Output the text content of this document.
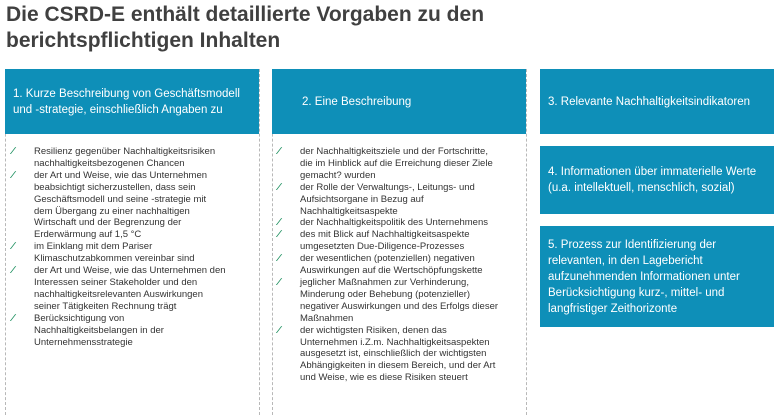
Die CSRD-E enthält detaillierte Vorgaben zu den
berichtspflichtigen Inhalten
1. Kurze Beschreibung von Geschäftsmodell und -strategie, einschließlich Angaben zu
2. Eine Beschreibung	3. Relevante Nachhaltigkeitsindikatoren
4. Informationen über immaterielle Werte (u.a. intellektuell, menschlich, sozial)
5. Prozess zur Identifizierung der relevanten, in den Lagebericht aufzunehmenden Informationen unter Berücksichtigung kurz-, mittel- und langfristiger Zeithorizonte
∕ Resilienz gegenüber Nachhaltigkeitsrisiken
nachhaltigkeitsbezogenen Chancen
∕ der Art und Weise, wie das Unternehmen
beabsichtigt sicherzustellen, dass sein
Geschäftsmodell und seine -strategie mit
dem Übergang zu einer nachhaltigen
Wirtschaft und der Begrenzung der
Erderwärmung auf 1,5 °C
∕ im Einklang mit dem Pariser
Klimaschutzabkommen vereinbar sind
∕ der Art und Weise, wie das Unternehmen den
Interessen seiner Stakeholder und den
nachhaltigkeitsrelevanten Auswirkungen
seiner Tätigkeiten Rechnung trägt
∕ Berücksichtigung von
Nachhaltigkeitsbelangen in der
Unternehmensstrategie
∕ der Nachhaltigkeitsziele und der Fortschritte,
die im Hinblick auf die Erreichung dieser Ziele
gemacht? wurden
∕ der Rolle der Verwaltungs-, Leitungs- und
Aufsichtsorgane in Bezug auf
Nachhaltigkeitsaspekte
∕ der Nachhaltigkeitspolitik des Unternehmens
∕ des mit Blick auf Nachhaltigkeitsaspekte
umgesetzten Due-Diligence-Prozesses
∕ der wesentlichen (potenziellen) negativen
Auswirkungen auf die Wertschöpfungskette
∕ jeglicher Maßnahmen zur Verhinderung,
Minderung oder Behebung (potenzieller)
negativer Auswirkungen und des Erfolgs dieser
Maßnahmen
∕ der wichtigsten Risiken, denen das
Unternehmen i.Z.m. Nachhaltigkeitsaspekten
ausgesetzt ist, einschließlich der wichtigsten
Abhängigkeiten in diesem Bereich, und der Art
und Weise, wie es diese Risiken steuert
